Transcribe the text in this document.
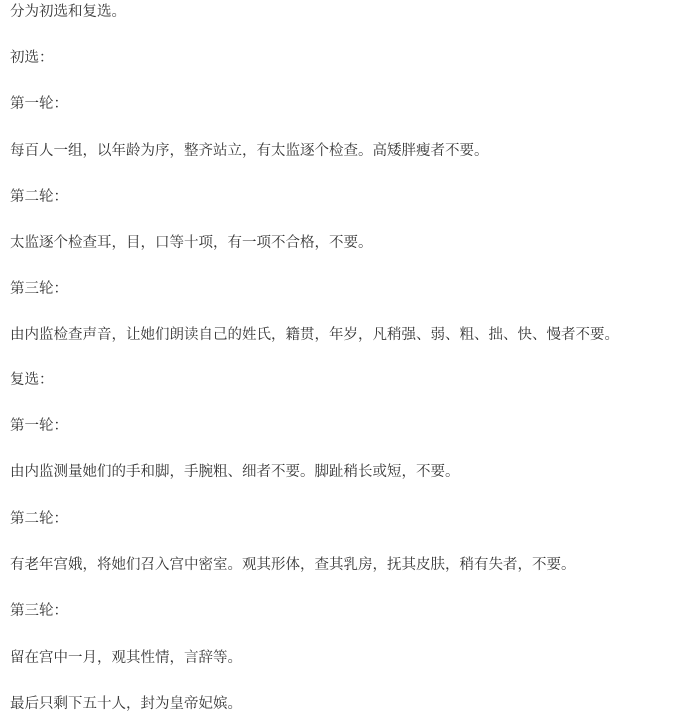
分为初选和复选。

初选：

第一轮：

每百人一组，以年龄为序，整齐站立，有太监逐个检查。高矮胖瘦者不要。

第二轮：

太监逐个检查耳，目，口等十项，有一项不合格，不要。

第三轮：

由内监检查声音，让她们朗读自己的姓氏，籍贯，年岁，凡稍强、弱、粗、拙、快、慢者不要。

复选：

第一轮：

由内监测量她们的手和脚，手腕粗、细者不要。脚趾稍长或短，不要。

第二轮：

有老年宫娥，将她们召入宫中密室。观其形体，查其乳房，抚其皮肤，稍有失者，不要。

第三轮：

留在宫中一月，观其性情，言辞等。

最后只剩下五十人，封为皇帝妃嫔。
